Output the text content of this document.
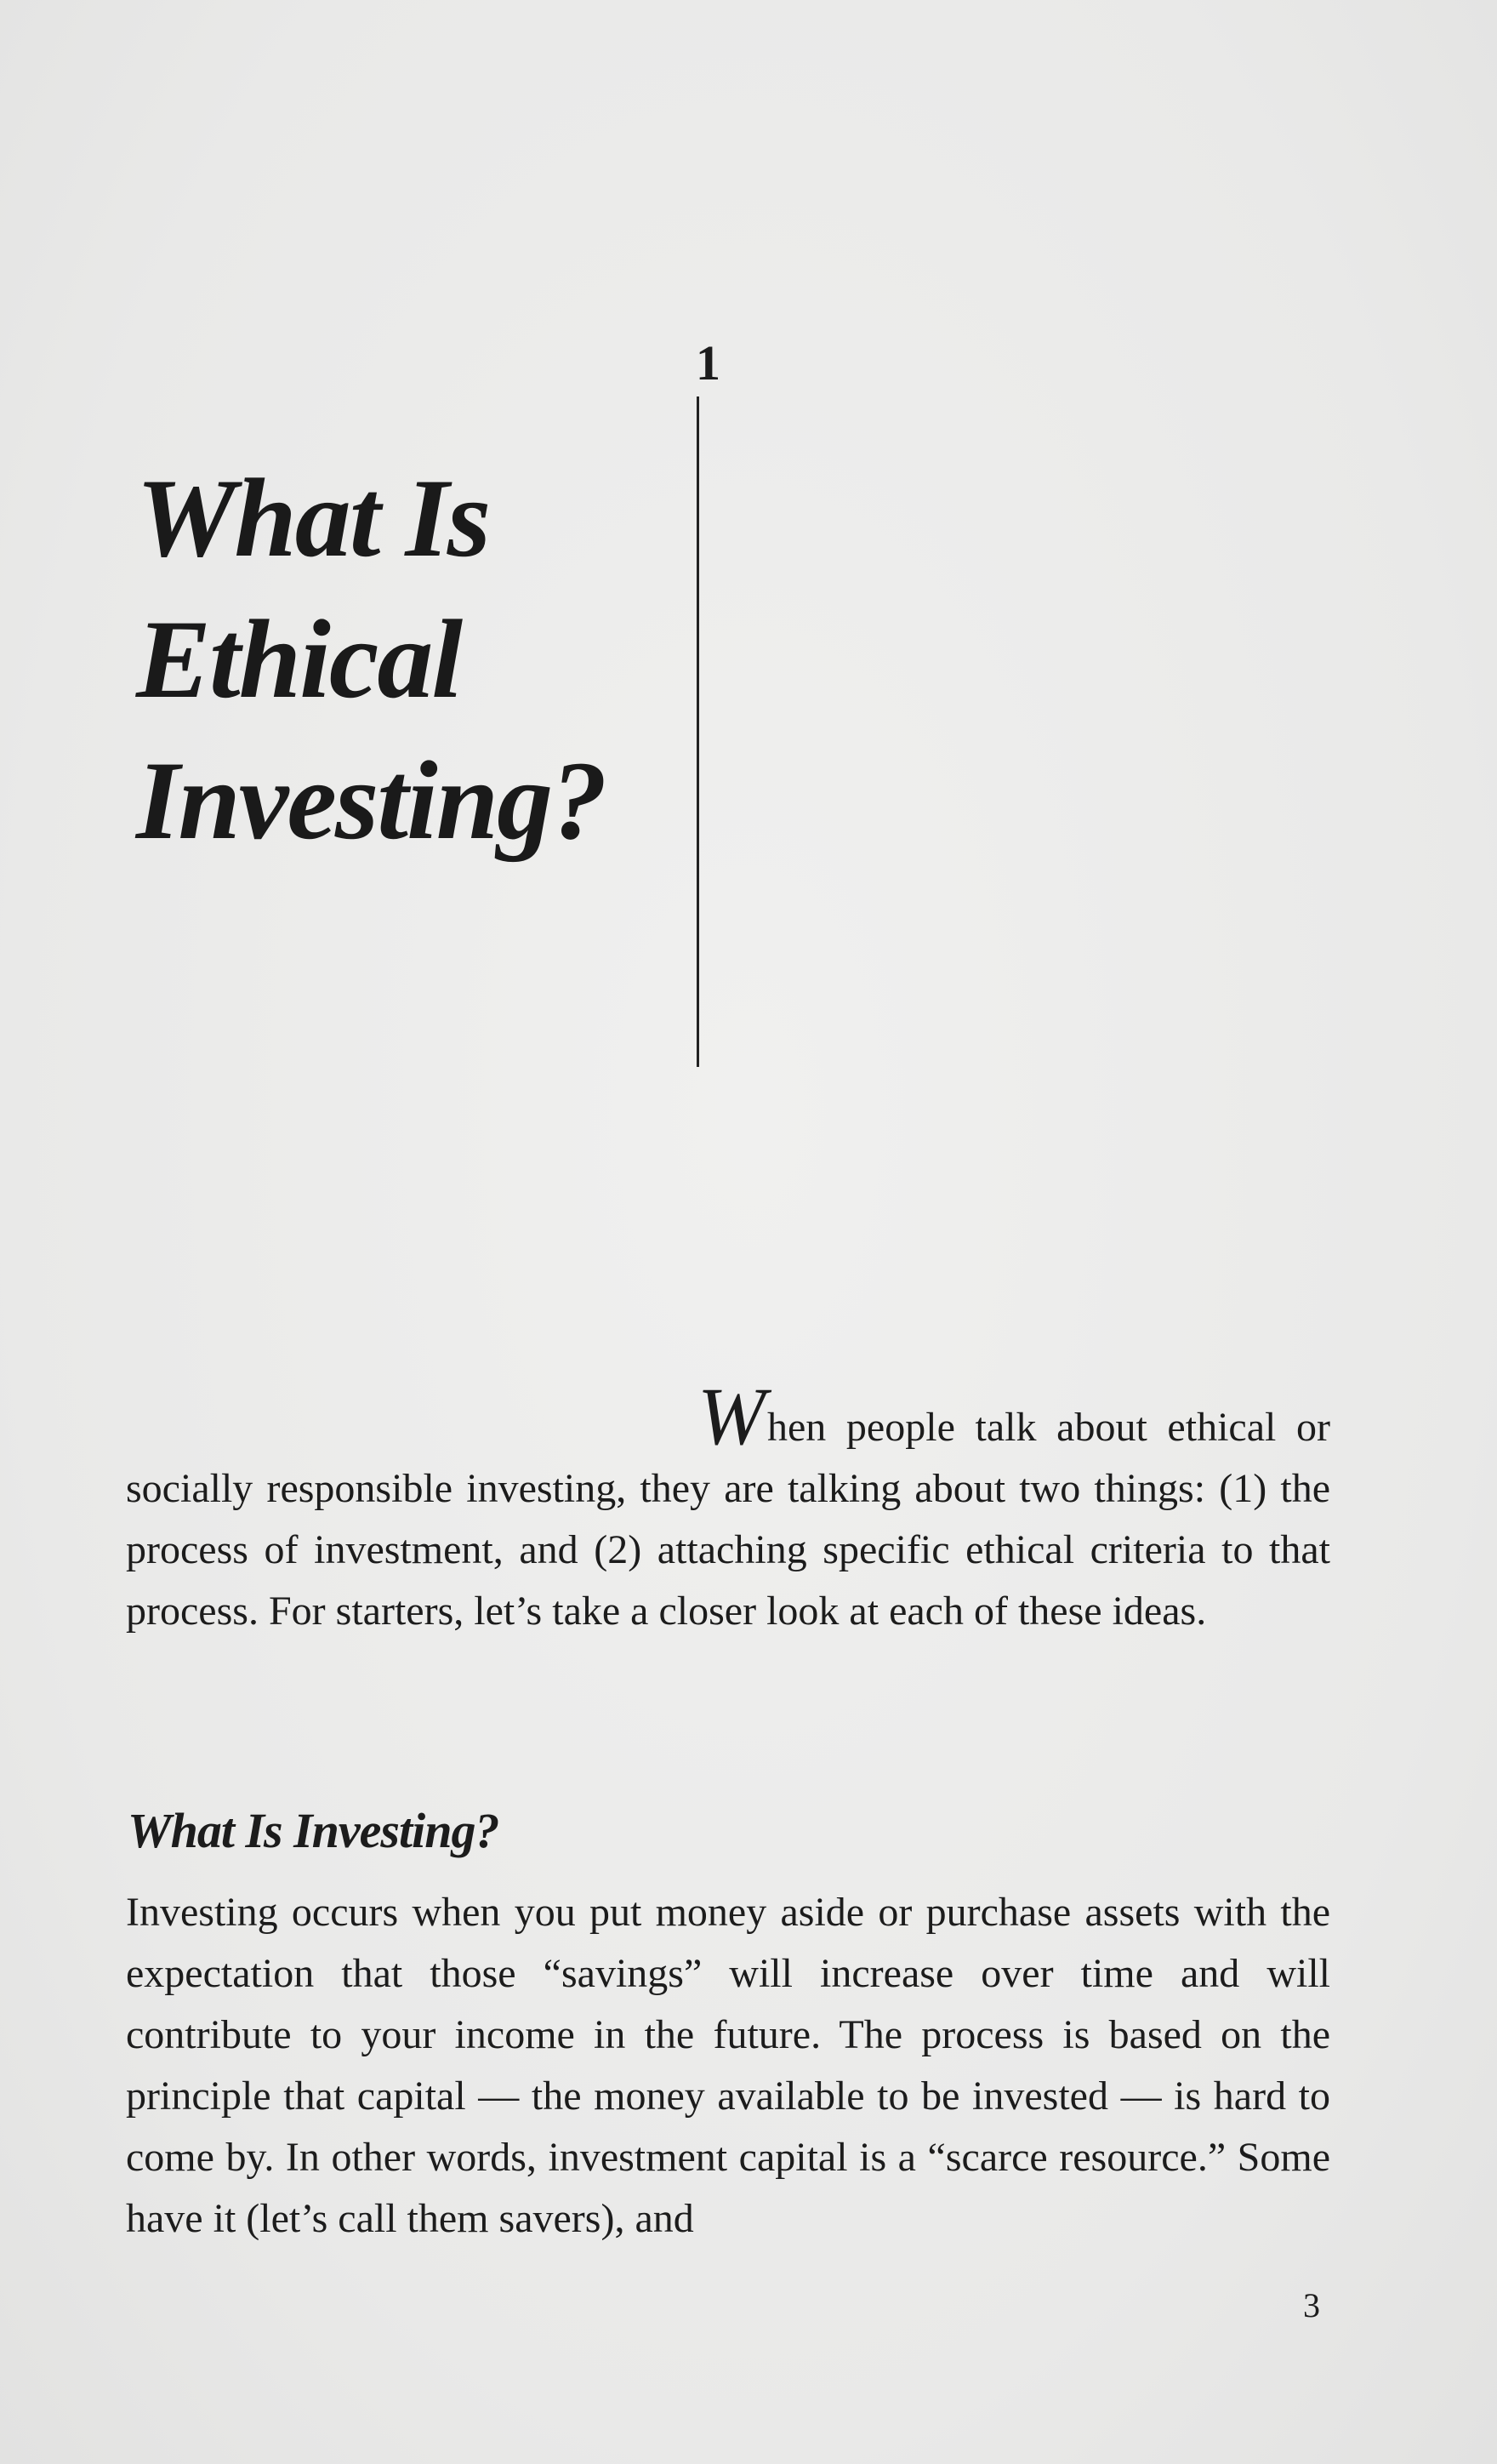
1
What Is
Ethical
Investing?

When people talk about ethical or
socially responsible investing, they are talking about two things: (1) the process of investment, and (2) attaching specific ethical criteria to that process. For starters, let’s take a closer look at each of these ideas.

What Is Investing?

Investing occurs when you put money aside or purchase assets with the expectation that those “savings” will increase over time and will contribute to your income in the future. The process is based on the principle that capital — the money available to be invested — is hard to come by. In other words, investment capital is a “scarce resource.” Some have it (let’s call them savers), and

3
